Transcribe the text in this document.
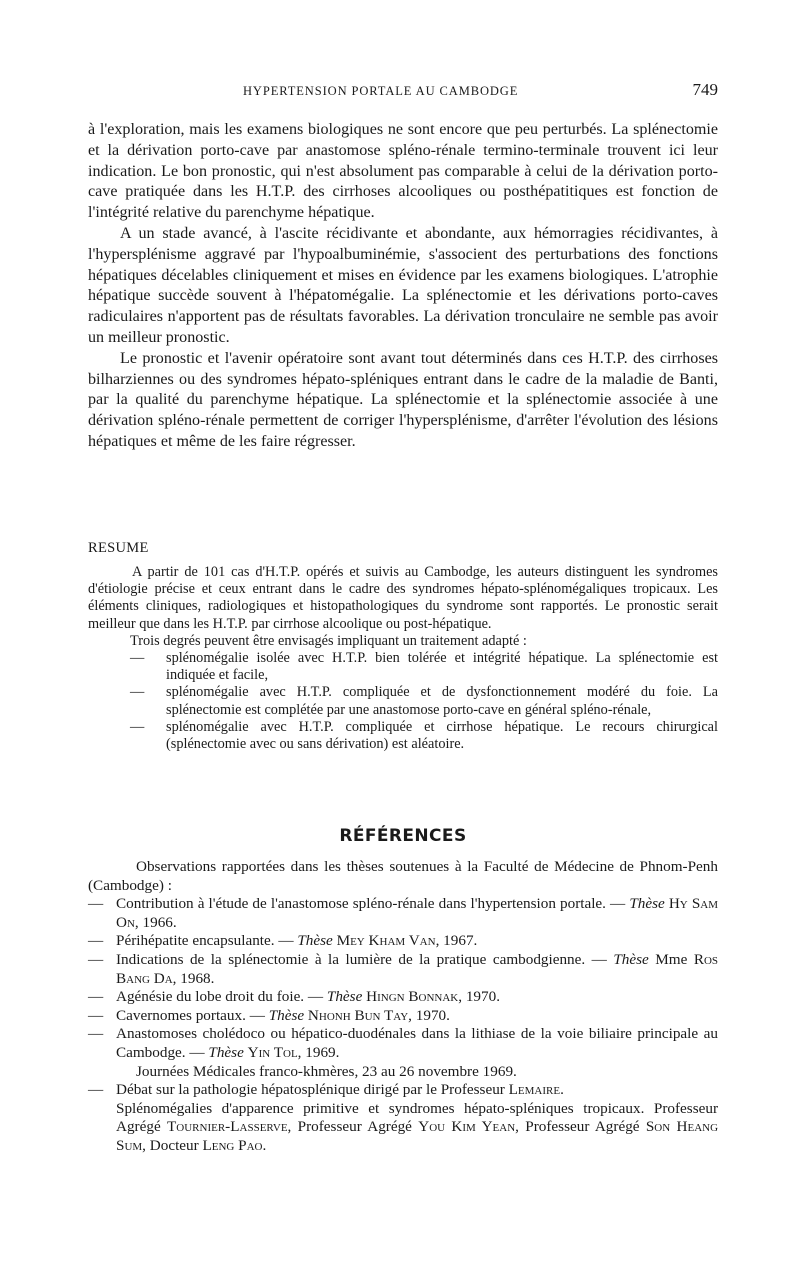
HYPERTENSION PORTALE AU CAMBODGE	749

à l'exploration, mais les examens biologiques ne sont encore que peu perturbés. La splénectomie et la dérivation porto-cave par anastomose spléno-rénale termino-terminale trouvent ici leur indication. Le bon pronostic, qui n'est absolument pas comparable à celui de la dérivation porto-cave pratiquée dans les H.T.P. des cirrhoses alcooliques ou posthépatitiques est fonction de l'intégrité relative du parenchyme hépatique.

A un stade avancé, à l'ascite récidivante et abondante, aux hémorragies récidivantes, à l'hypersplénisme aggravé par l'hypoalbuminémie, s'associent des perturbations des fonctions hépatiques décelables cliniquement et mises en évidence par les examens biologiques. L'atrophie hépatique succède souvent à l'hépatomégalie. La splénectomie et les dérivations porto-caves radiculaires n'apportent pas de résultats favorables. La dérivation tronculaire ne semble pas avoir un meilleur pronostic.

Le pronostic et l'avenir opératoire sont avant tout déterminés dans ces H.T.P. des cirrhoses bilharziennes ou des syndromes hépato-spléniques entrant dans le cadre de la maladie de Banti, par la qualité du parenchyme hépatique. La splénectomie et la splénectomie associée à une dérivation spléno-rénale permettent de corriger l'hypersplénisme, d'arrêter l'évolution des lésions hépatiques et même de les faire régresser.

RESUME

A partir de 101 cas d'H.T.P. opérés et suivis au Cambodge, les auteurs distinguent les syndromes d'étiologie précise et ceux entrant dans le cadre des syndromes hépato-splénomégaliques tropicaux. Les éléments cliniques, radiologiques et histopathologiques du syndrome sont rapportés. Le pronostic serait meilleur que dans les H.T.P. par cirrhose alcoolique ou post-hépatique.

Trois degrés peuvent être envisagés impliquant un traitement adapté :

— splénomégalie isolée avec H.T.P. bien tolérée et intégrité hépatique. La splénectomie est indiquée et facile,
— splénomégalie avec H.T.P. compliquée et de dysfonctionnement modéré du foie. La splénectomie est complétée par une anastomose porto-cave en général spléno-rénale,
— splénomégalie avec H.T.P. compliquée et cirrhose hépatique. Le recours chirurgical (splénectomie avec ou sans dérivation) est aléatoire.
RÉFÉRENCES

Observations rapportées dans les thèses soutenues à la Faculté de Médecine de Phnom-Penh (Cambodge) :

— Contribution à l'étude de l'anastomose spléno-rénale dans l'hypertension portale. — Thèse Hy Sam On, 1966.
— Périhépatite encapsulante. — Thèse Mey Kham Van, 1967.
— Indications de la splénectomie à la lumière de la pratique cambodgienne. — Thèse Mme Ros Bang Da, 1968.
— Agénésie du lobe droit du foie. — Thèse Hingn Bonnak, 1970.
— Cavernomes portaux. — Thèse Nhonh Bun Tay, 1970.
— Anastomoses cholédoco ou hépatico-duodénales dans la lithiase de la voie biliaire principale au Cambodge. — Thèse Yin Tol, 1969.

Journées Médicales franco-khmères, 23 au 26 novembre 1969.

— Débat sur la pathologie hépatosplénique dirigé par le Professeur Lemaire.

Splénomégalies d'apparence primitive et syndromes hépato-spléniques tropicaux. Professeur Agrégé Tournier-Lasserve, Professeur Agrégé You Kim Yean, Professeur Agrégé Son Heang Sum, Docteur Leng Pao.
